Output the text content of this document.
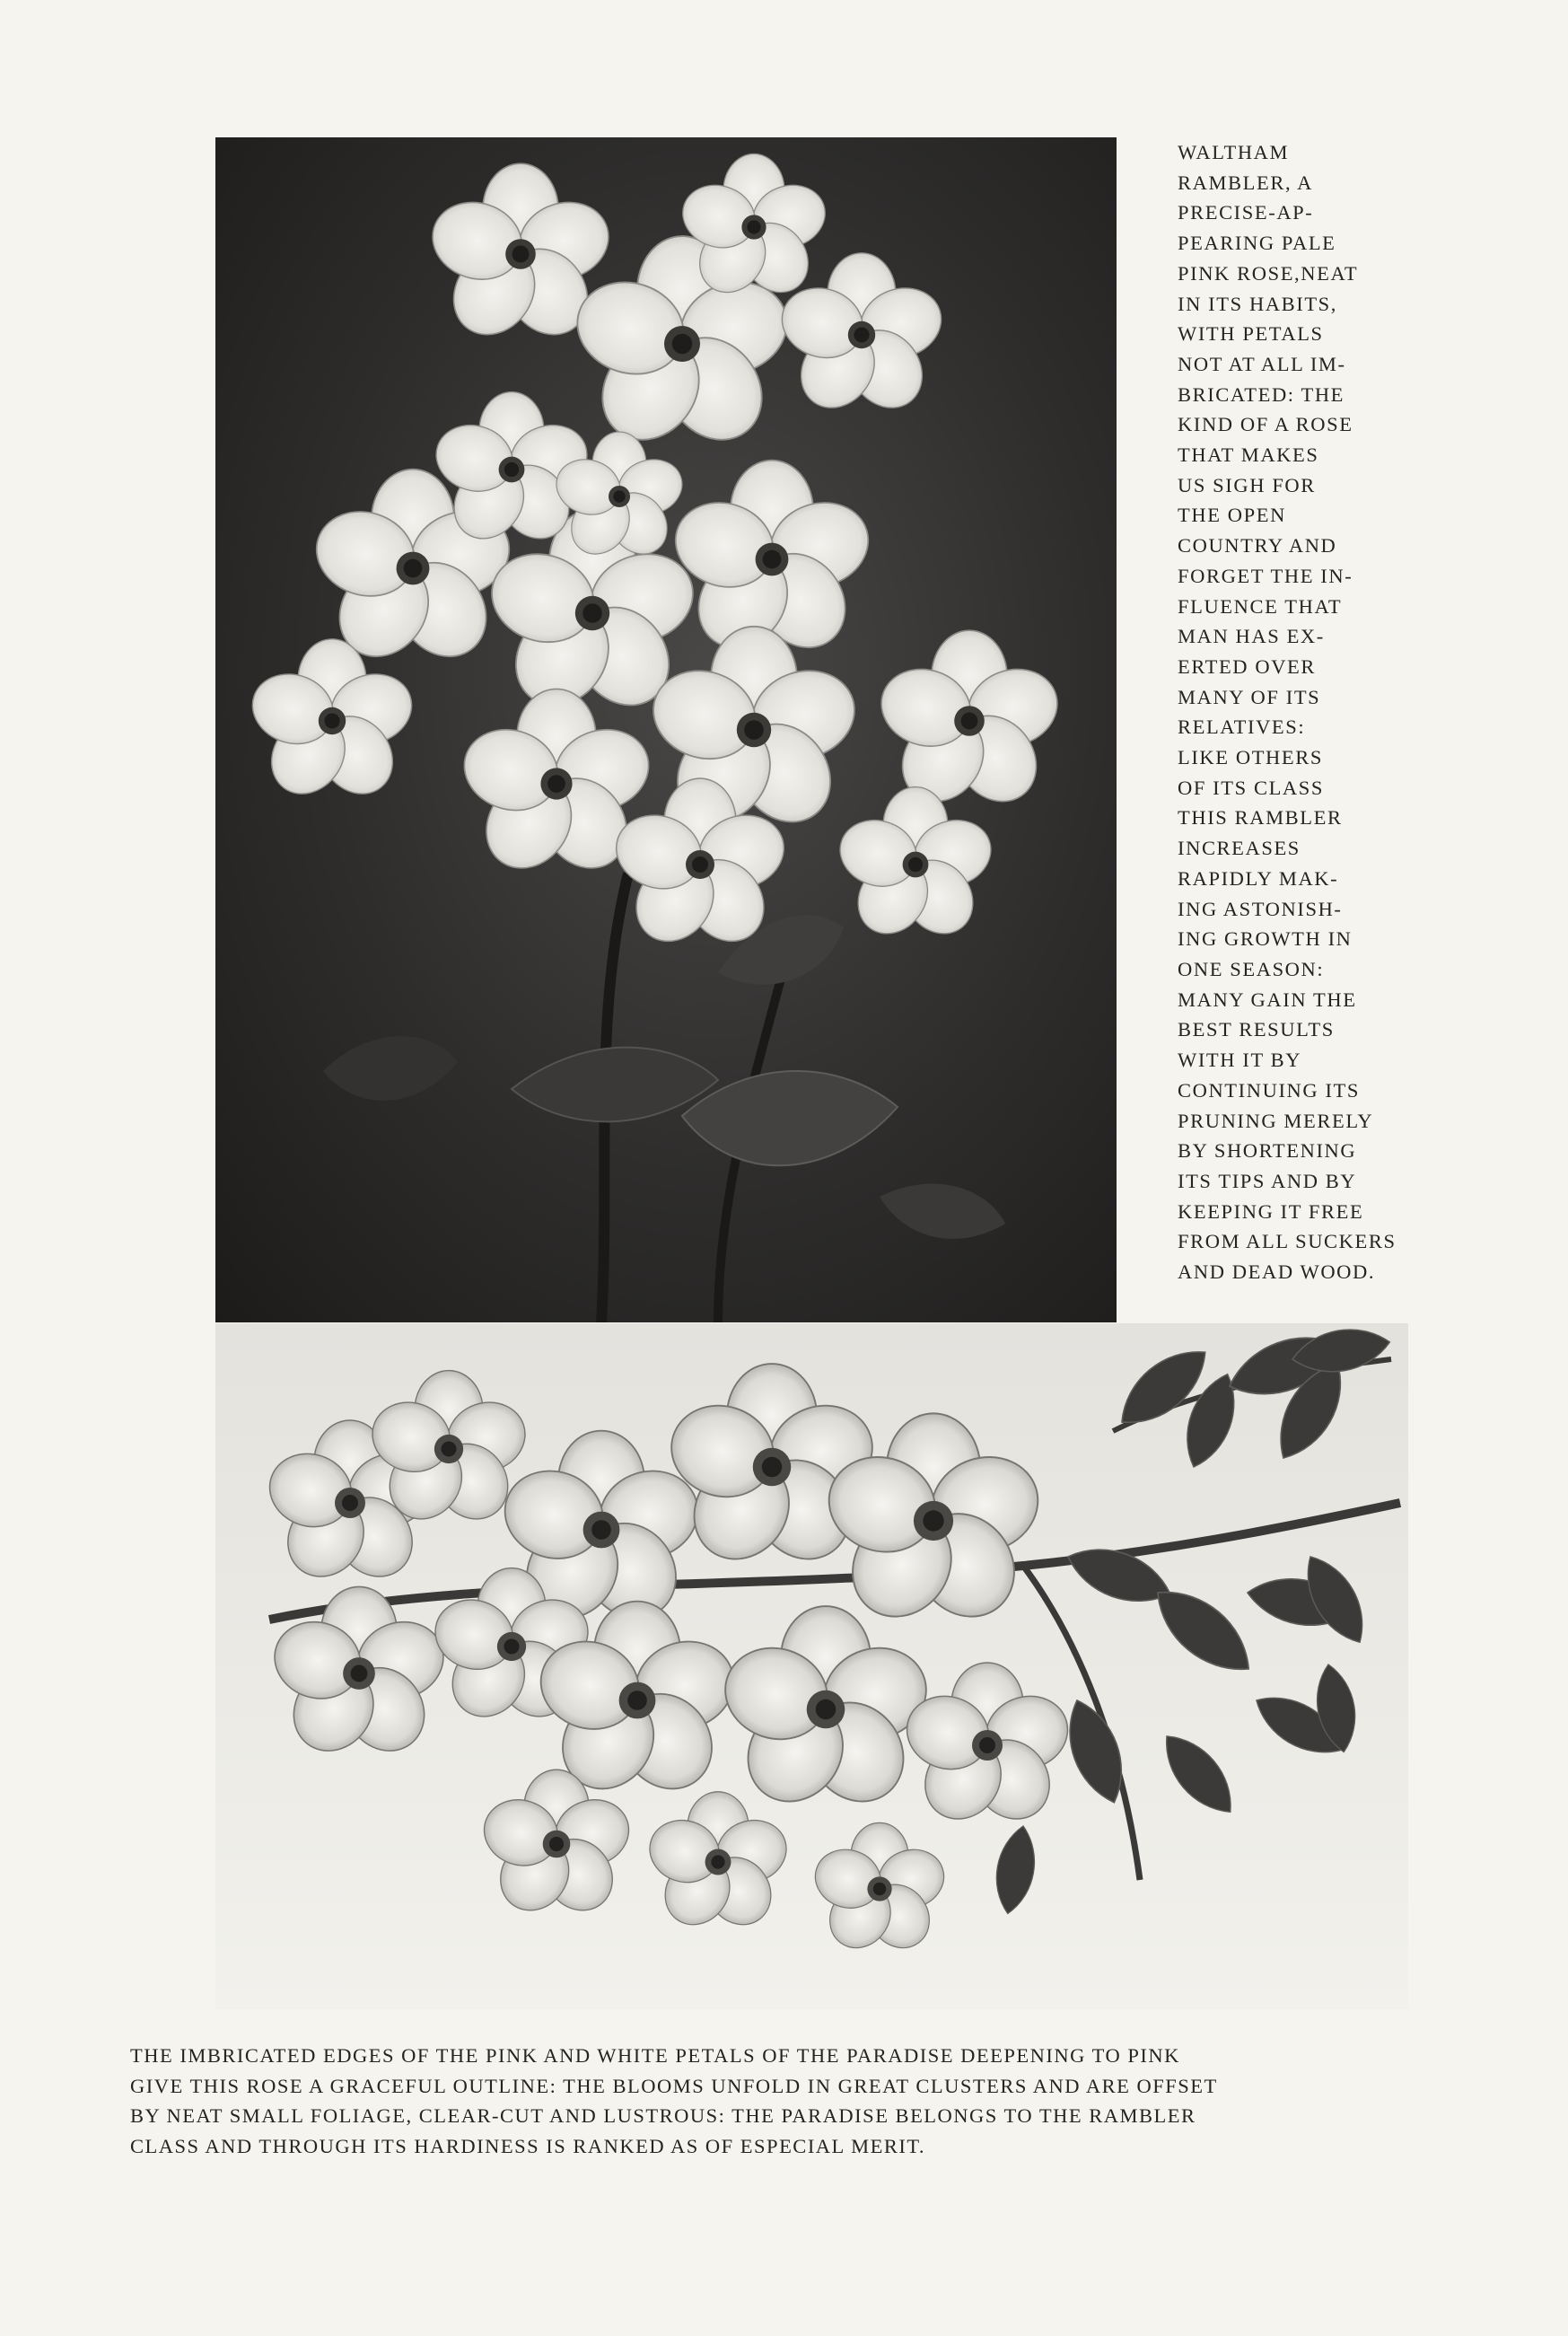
WALTHAM
RAMBLER, A
PRECISE-AP-
PEARING PALE
PINK ROSE,NEAT
IN ITS HABITS,
WITH PETALS
NOT AT ALL IM-
BRICATED: THE
KIND OF A ROSE
THAT MAKES
US SIGH FOR
THE OPEN
COUNTRY AND
FORGET THE IN-
FLUENCE THAT
MAN HAS EX-
ERTED OVER
MANY OF ITS
RELATIVES:
LIKE OTHERS
OF ITS CLASS
THIS RAMBLER
INCREASES
RAPIDLY MAK-
ING ASTONISH-
ING GROWTH IN
ONE SEASON:
MANY GAIN THE
BEST RESULTS
WITH IT BY
CONTINUING ITS
PRUNING MERELY
BY SHORTENING
ITS TIPS AND BY
KEEPING IT FREE
FROM ALL SUCKERS
AND DEAD WOOD.

THE IMBRICATED EDGES OF THE PINK AND WHITE PETALS OF THE PARADISE DEEPENING TO PINK
GIVE THIS ROSE A GRACEFUL OUTLINE: THE BLOOMS UNFOLD IN GREAT CLUSTERS AND ARE OFFSET
BY NEAT SMALL FOLIAGE, CLEAR-CUT AND LUSTROUS: THE PARADISE BELONGS TO THE RAMBLER
CLASS AND THROUGH ITS HARDINESS IS RANKED AS OF ESPECIAL MERIT.
